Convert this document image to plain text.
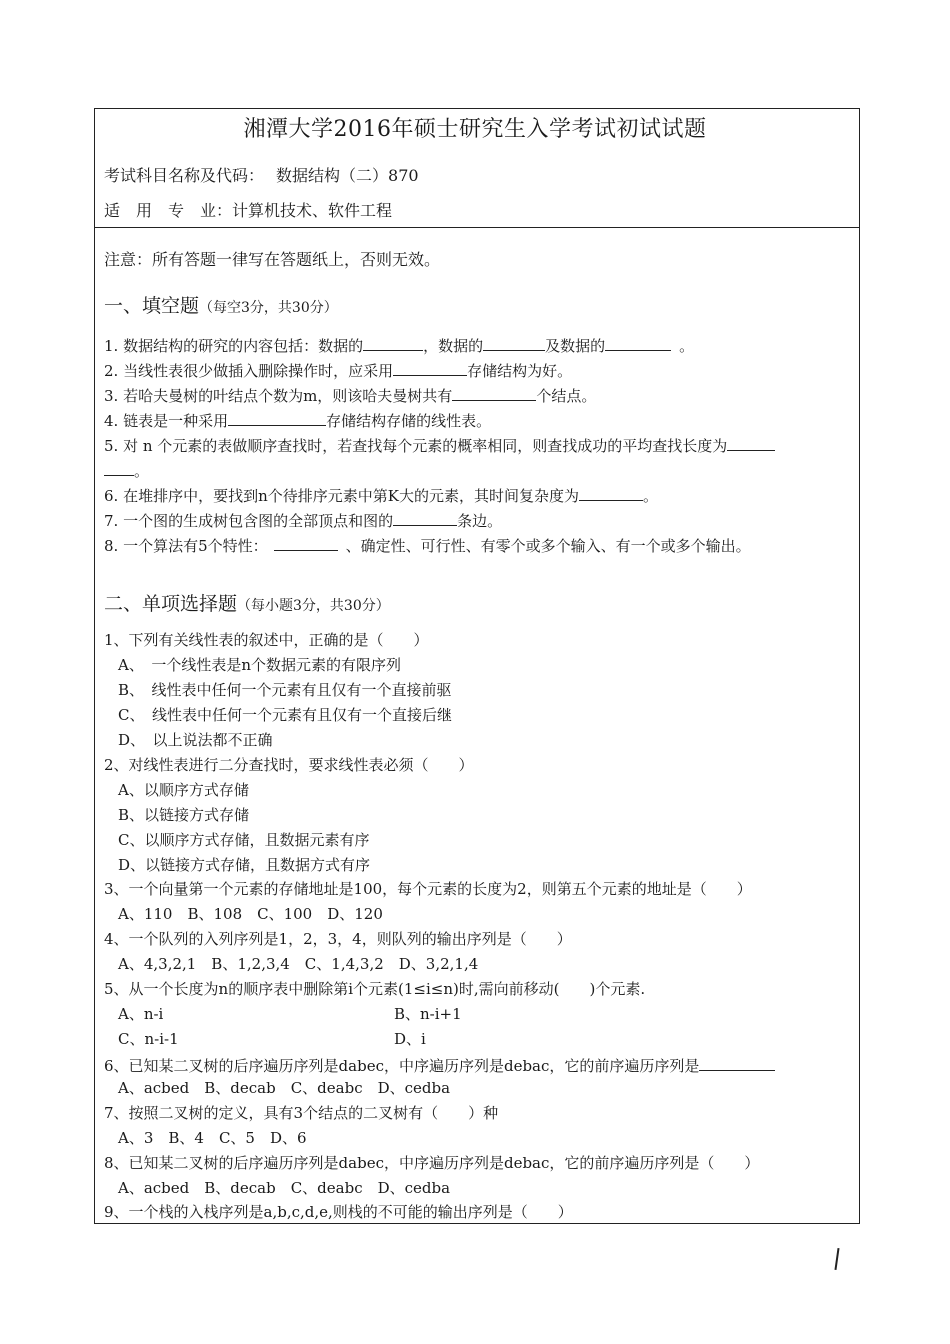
湘潭大学2016年硕士研究生入学考试初试试题
考试科目名称及代码： 数据结构（二）870
适　用　专　业：计算机技术、软件工程
注意：所有答题一律写在答题纸上，否则无效。
一、填空题（每空3分，共30分）
1. 数据结构的研究的内容包括：数据的	，数据的	及数据的	。
2. 当线性表很少做插入删除操作时，应采用	存储结构为好。
3. 若哈夫曼树的叶结点个数为m，则该哈夫曼树共有	个结点。
4. 链表是一种采用	存储结构存储的线性表。
5. 对 n 个元素的表做顺序查找时，若查找每个元素的概率相同，则查找成功的平均查找长度为
。
6. 在堆排序中，要找到n个待排序元素中第K大的元素，其时间复杂度为	。
7. 一个图的生成树包含图的全部顶点和图的	条边。
8. 一个算法有5个特性：	、确定性、可行性、有零个或多个输入、有一个或多个输出。
二、单项选择题（每小题3分，共30分）
1、下列有关线性表的叙述中，正确的是（　　）
A、　一个线性表是n个数据元素的有限序列
B、　线性表中任何一个元素有且仅有一个直接前驱
C、　线性表中任何一个元素有且仅有一个直接后继
D、　以上说法都不正确
2、对线性表进行二分查找时，要求线性表必须（　　）
A、以顺序方式存储
B、以链接方式存储
C、以顺序方式存储，且数据元素有序
D、以链接方式存储，且数据方式有序
3、一个向量第一个元素的存储地址是100，每个元素的长度为2，则第五个元素的地址是（　　）
A、110　B、108　C、100　D、120
4、一个队列的入列序列是1，2，3，4，则队列的输出序列是（　　）
A、4,3,2,1　B、1,2,3,4　C、1,4,3,2　D、3,2,1,4
5、从一个长度为n的顺序表中删除第i个元素(1≤i≤n)时,需向前移动(　　)个元素.
A、n-i	B、n-i+1
C、n-i-1	D、i
6、已知某二叉树的后序遍历序列是dabec，中序遍历序列是debac，它的前序遍历序列是
A、acbed　B、decab　C、deabc　D、cedba
7、按照二叉树的定义，具有3个结点的二叉树有（　　）种
A、3　B、4　C、5　D、6
8、已知某二叉树的后序遍历序列是dabec，中序遍历序列是debac，它的前序遍历序列是（　　）
A、acbed　B、decab　C、deabc　D、cedba
9、一个栈的入栈序列是a,b,c,d,e,则栈的不可能的输出序列是（　　）
